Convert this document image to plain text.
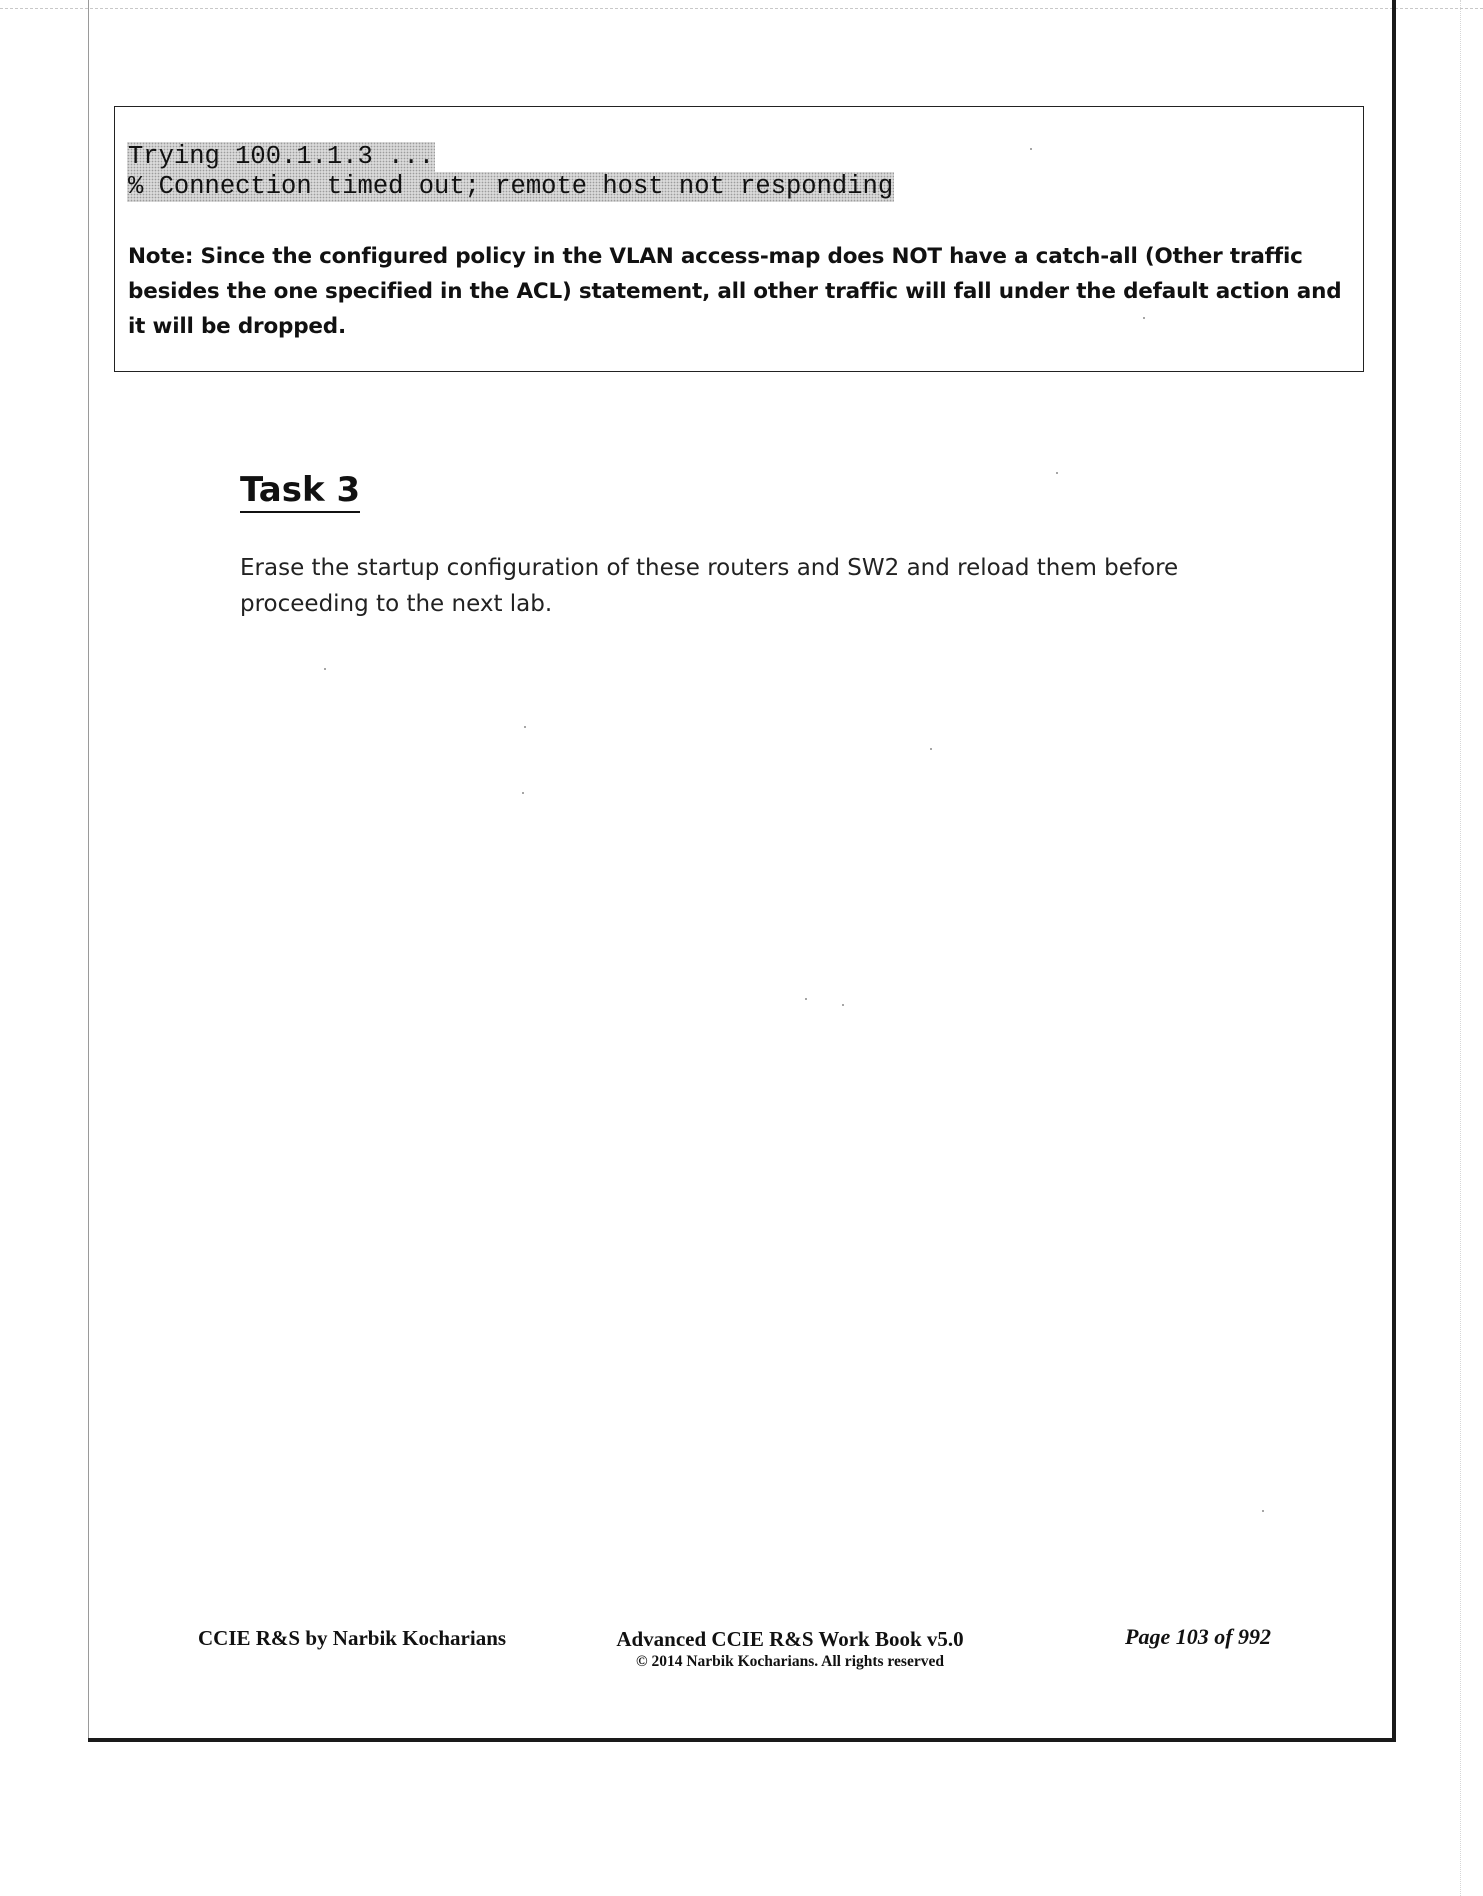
Trying 100.1.1.3 ...
% Connection timed out; remote host not responding
Note: Since the configured policy in the VLAN access-map does NOT have a catch-all (Other traffic besides the one specified in the ACL) statement, all other traffic will fall under the default action and it will be dropped.
Task 3

Erase the startup configuration of these routers and SW2 and reload them before proceeding to the next lab.

CCIE R&S by Narbik Kocharians	Advanced CCIE R&S Work Book v5.0
© 2014 Narbik Kocharians. All rights reserved
Page 103 of 992
